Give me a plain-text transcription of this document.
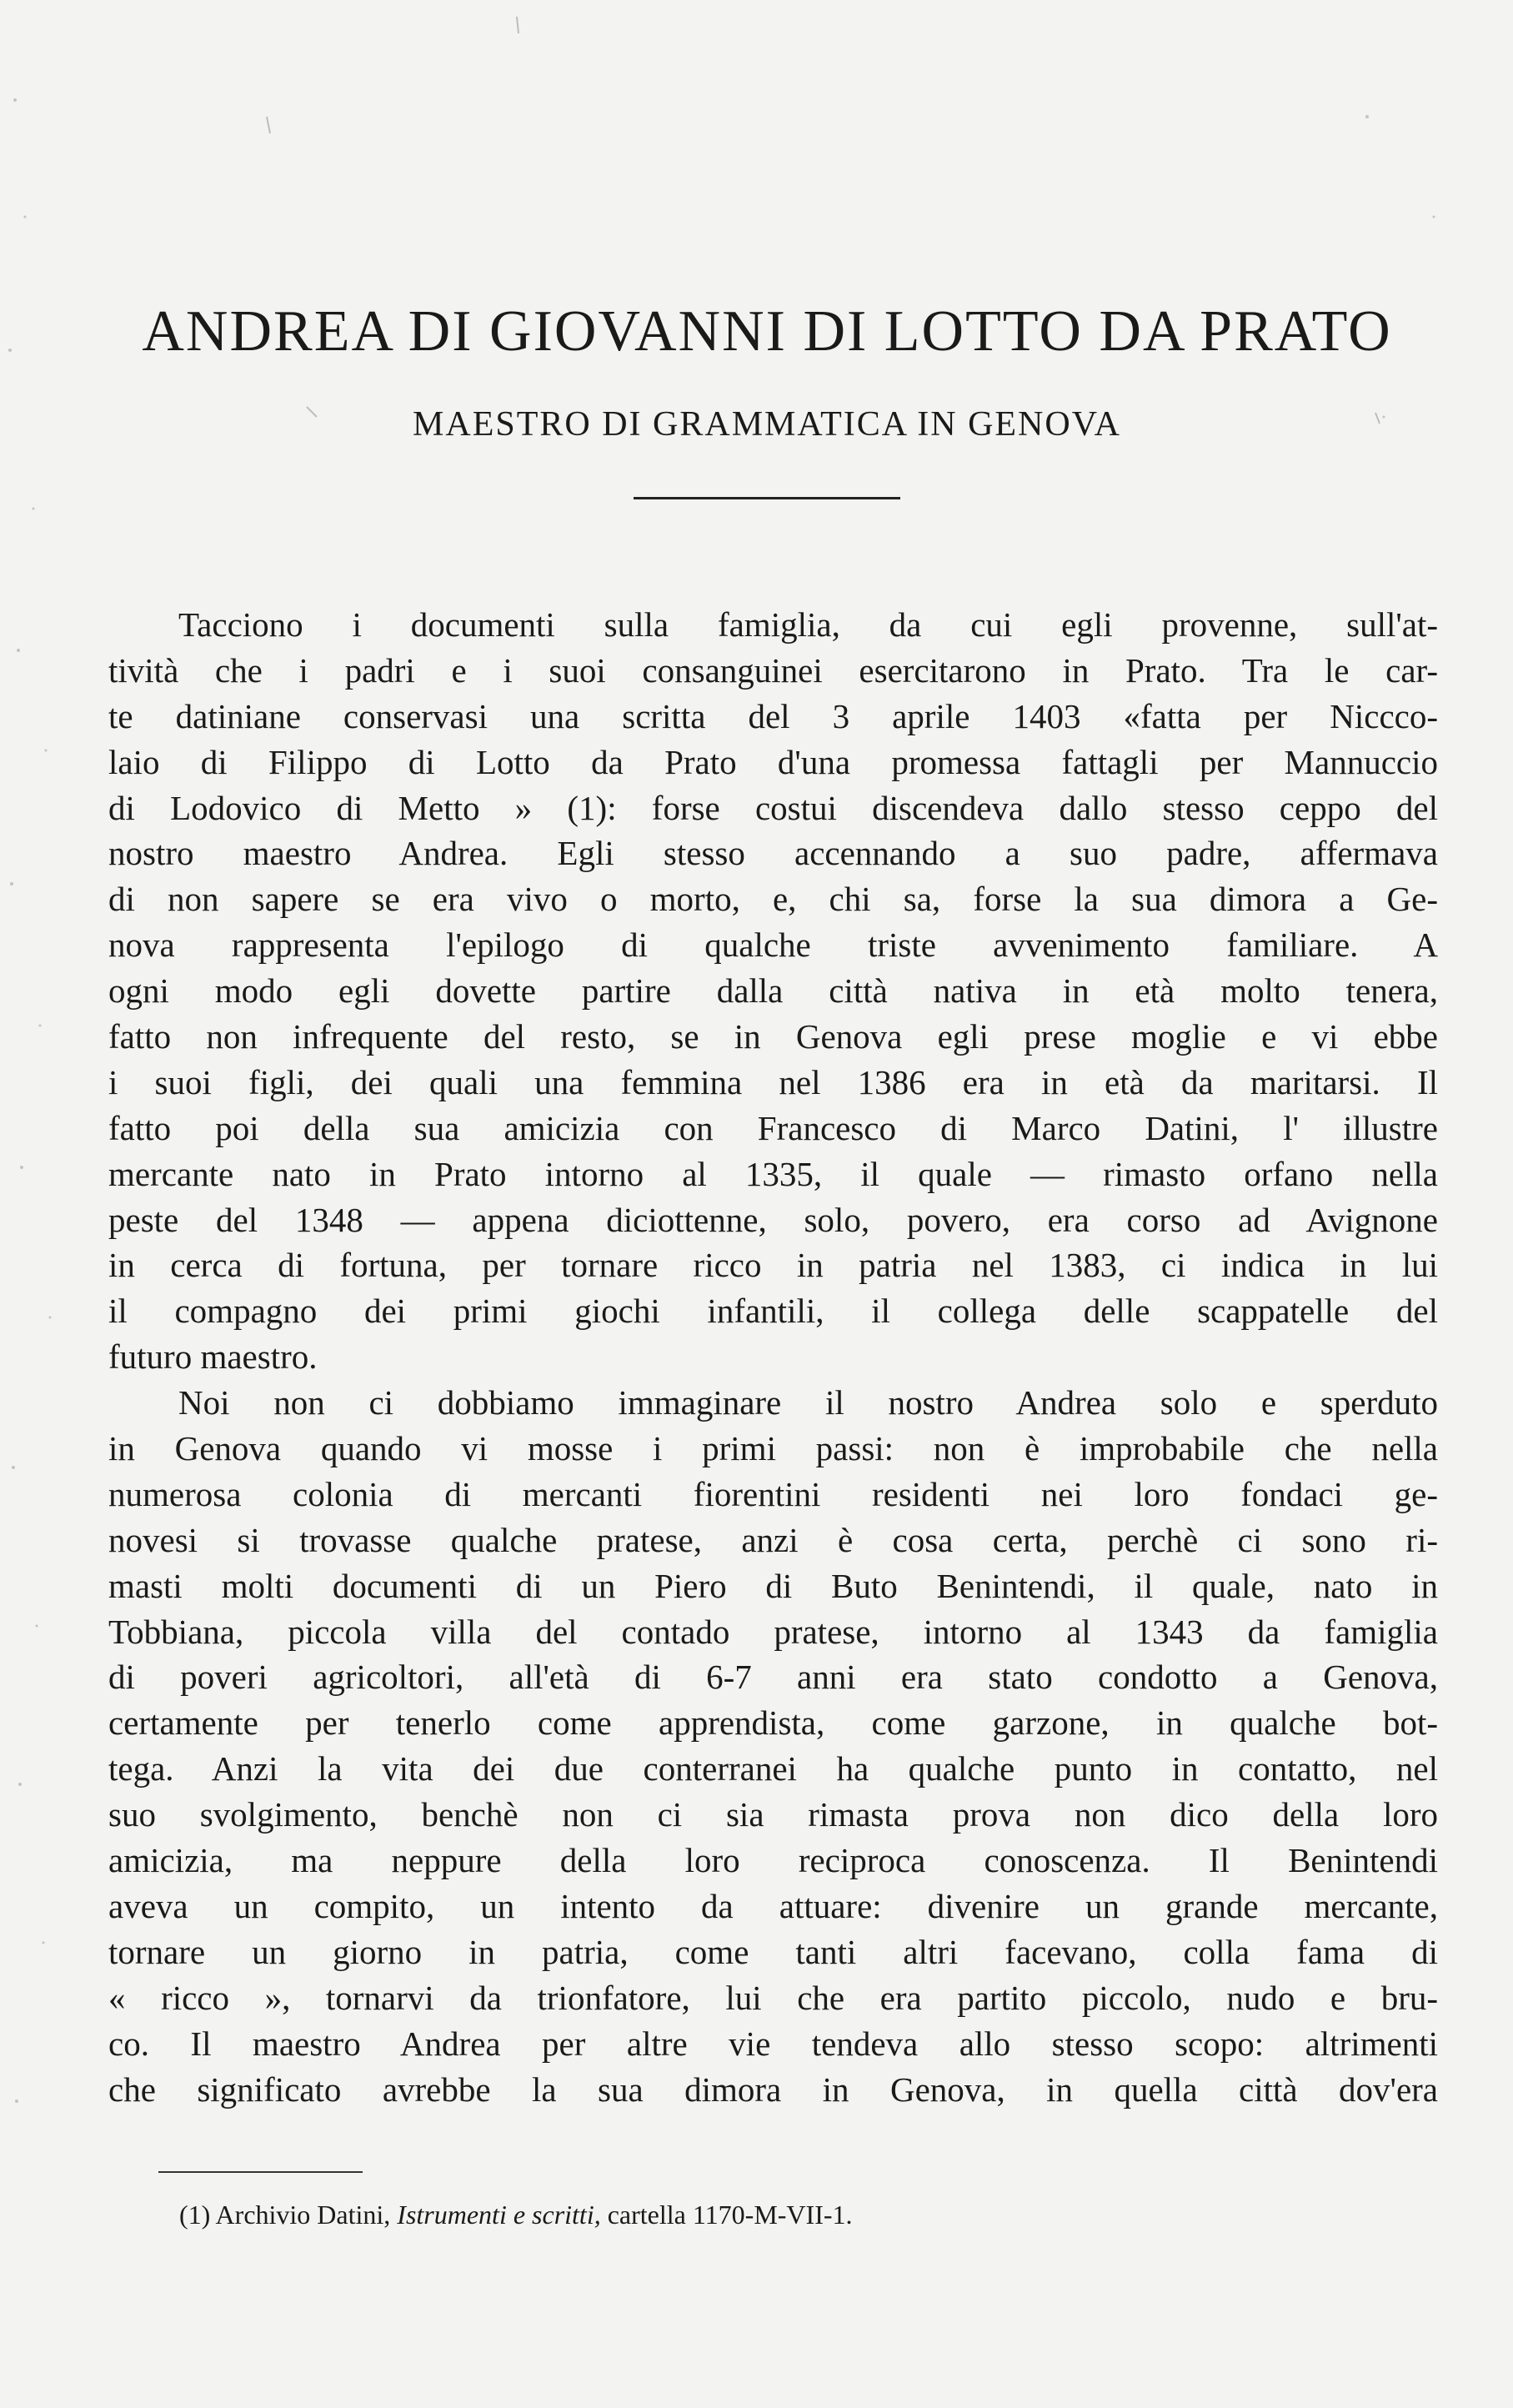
ANDREA DI GIOVANNI DI LOTTO DA PRATO
MAESTRO DI GRAMMATICA IN GENOVA
Tacciono i documenti sulla famiglia, da cui egli provenne, sull'at-
tività che i padri e i suoi consanguinei esercitarono in Prato. Tra le car-
te datiniane conservasi una scritta del 3 aprile 1403 «fatta per Niccco-
laio di Filippo di Lotto da Prato d'una promessa fattagli per Mannuccio
di Lodovico di Metto » (1): forse costui discendeva dallo stesso ceppo del
nostro maestro Andrea. Egli stesso accennando a suo padre, affermava
di non sapere se era vivo o morto, e, chi sa, forse la sua dimora a Ge-
nova rappresenta l'epilogo di qualche triste avvenimento familiare. A
ogni modo egli dovette partire dalla città nativa in età molto tenera,
fatto non infrequente del resto, se in Genova egli prese moglie e vi ebbe
i suoi figli, dei quali una femmina nel 1386 era in età da maritarsi. Il
fatto poi della sua amicizia con Francesco di Marco Datini, l' illustre
mercante nato in Prato intorno al 1335, il quale — rimasto orfano nella
peste del 1348 — appena diciottenne, solo, povero, era corso ad Avignone
in cerca di fortuna, per tornare ricco in patria nel 1383, ci indica in lui
il compagno dei primi giochi infantili, il collega delle scappatelle del
futuro maestro.
Noi non ci dobbiamo immaginare il nostro Andrea solo e sperduto
in Genova quando vi mosse i primi passi: non è improbabile che nella
numerosa colonia di mercanti fiorentini residenti nei loro fondaci ge-
novesi si trovasse qualche pratese, anzi è cosa certa, perchè ci sono ri-
masti molti documenti di un Piero di Buto Benintendi, il quale, nato in
Tobbiana, piccola villa del contado pratese, intorno al 1343 da famiglia
di poveri agricoltori, all'età di 6-7 anni era stato condotto a Genova,
certamente per tenerlo come apprendista, come garzone, in qualche bot-
tega. Anzi la vita dei due conterranei ha qualche punto in contatto, nel
suo svolgimento, benchè non ci sia rimasta prova non dico della loro
amicizia, ma neppure della loro reciproca conoscenza. Il Benintendi
aveva un compito, un intento da attuare: divenire un grande mercante,
tornare un giorno in patria, come tanti altri facevano, colla fama di
« ricco », tornarvi da trionfatore, lui che era partito piccolo, nudo e bru-
co. Il maestro Andrea per altre vie tendeva allo stesso scopo: altrimenti
che significato avrebbe la sua dimora in Genova, in quella città dov'era

(1) Archivio Datini, Istrumenti e scritti, cartella 1170-M-VII-1.
